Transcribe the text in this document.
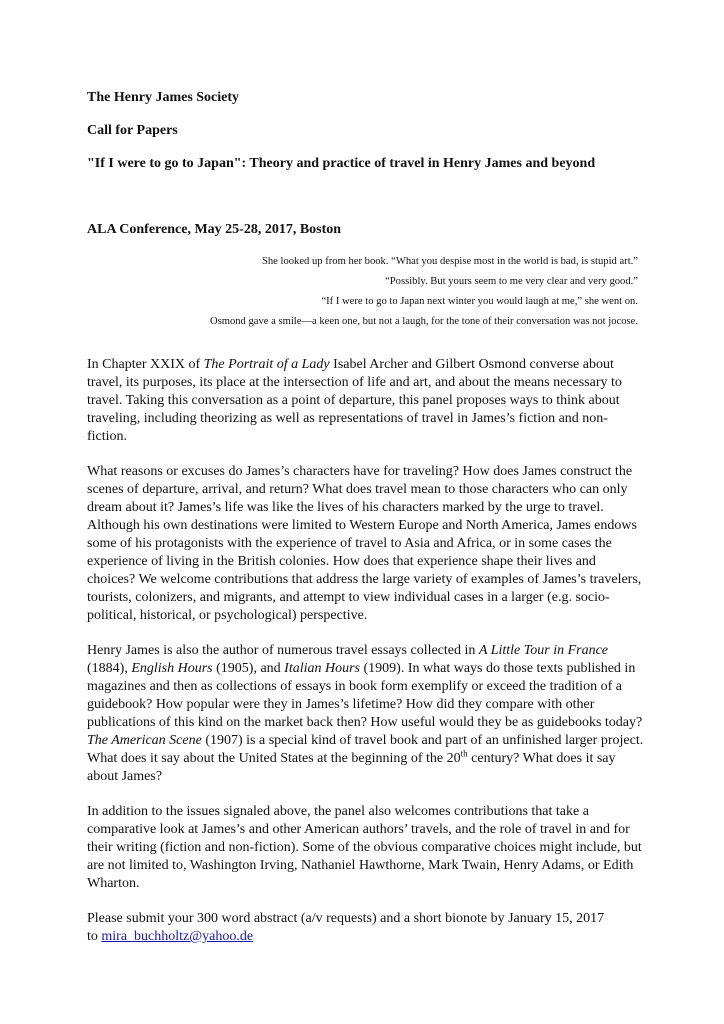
The Henry James Society
Call for Papers
"If I were to go to Japan": Theory and practice of travel in Henry James and beyond
ALA Conference, May 25-28, 2017, Boston
She looked up from her book. “What you despise most in the world is bad, is stupid art.”
“Possibly. But yours seem to me very clear and very good.”
“If I were to go to Japan next winter you would laugh at me,” she went on.
Osmond gave a smile—a keen one, but not a laugh, for the tone of their conversation was not jocose.

In Chapter XXIX of The Portrait of a Lady Isabel Archer and Gilbert Osmond converse about travel, its purposes, its place at the intersection of life and art, and about the means necessary to travel. Taking this conversation as a point of departure, this panel proposes ways to think about traveling, including theorizing as well as representations of travel in James’s fiction and non-fiction.

What reasons or excuses do James’s characters have for traveling? How does James construct the scenes of departure, arrival, and return? What does travel mean to those characters who can only dream about it? James’s life was like the lives of his characters marked by the urge to travel. Although his own destinations were limited to Western Europe and North America, James endows some of his protagonists with the experience of travel to Asia and Africa, or in some cases the experience of living in the British colonies. How does that experience shape their lives and choices? We welcome contributions that address the large variety of examples of James’s travelers, tourists, colonizers, and migrants, and attempt to view individual cases in a larger (e.g. socio-political, historical, or psychological) perspective.

Henry James is also the author of numerous travel essays collected in A Little Tour in France (1884), English Hours (1905), and Italian Hours (1909). In what ways do those texts published in magazines and then as collections of essays in book form exemplify or exceed the tradition of a guidebook? How popular were they in James’s lifetime? How did they compare with other publications of this kind on the market back then? How useful would they be as guidebooks today? The American Scene (1907) is a special kind of travel book and part of an unfinished larger project. What does it say about the United States at the beginning of the 20th century? What does it say about James?

In addition to the issues signaled above, the panel also welcomes contributions that take a comparative look at James’s and other American authors’ travels, and the role of travel in and for their writing (fiction and non-fiction). Some of the obvious comparative choices might include, but are not limited to, Washington Irving, Nathaniel Hawthorne, Mark Twain, Henry Adams, or Edith Wharton.

Please submit your 300 word abstract (a/v requests) and a short bionote by January 15, 2017

to mira_buchholtz@yahoo.de
